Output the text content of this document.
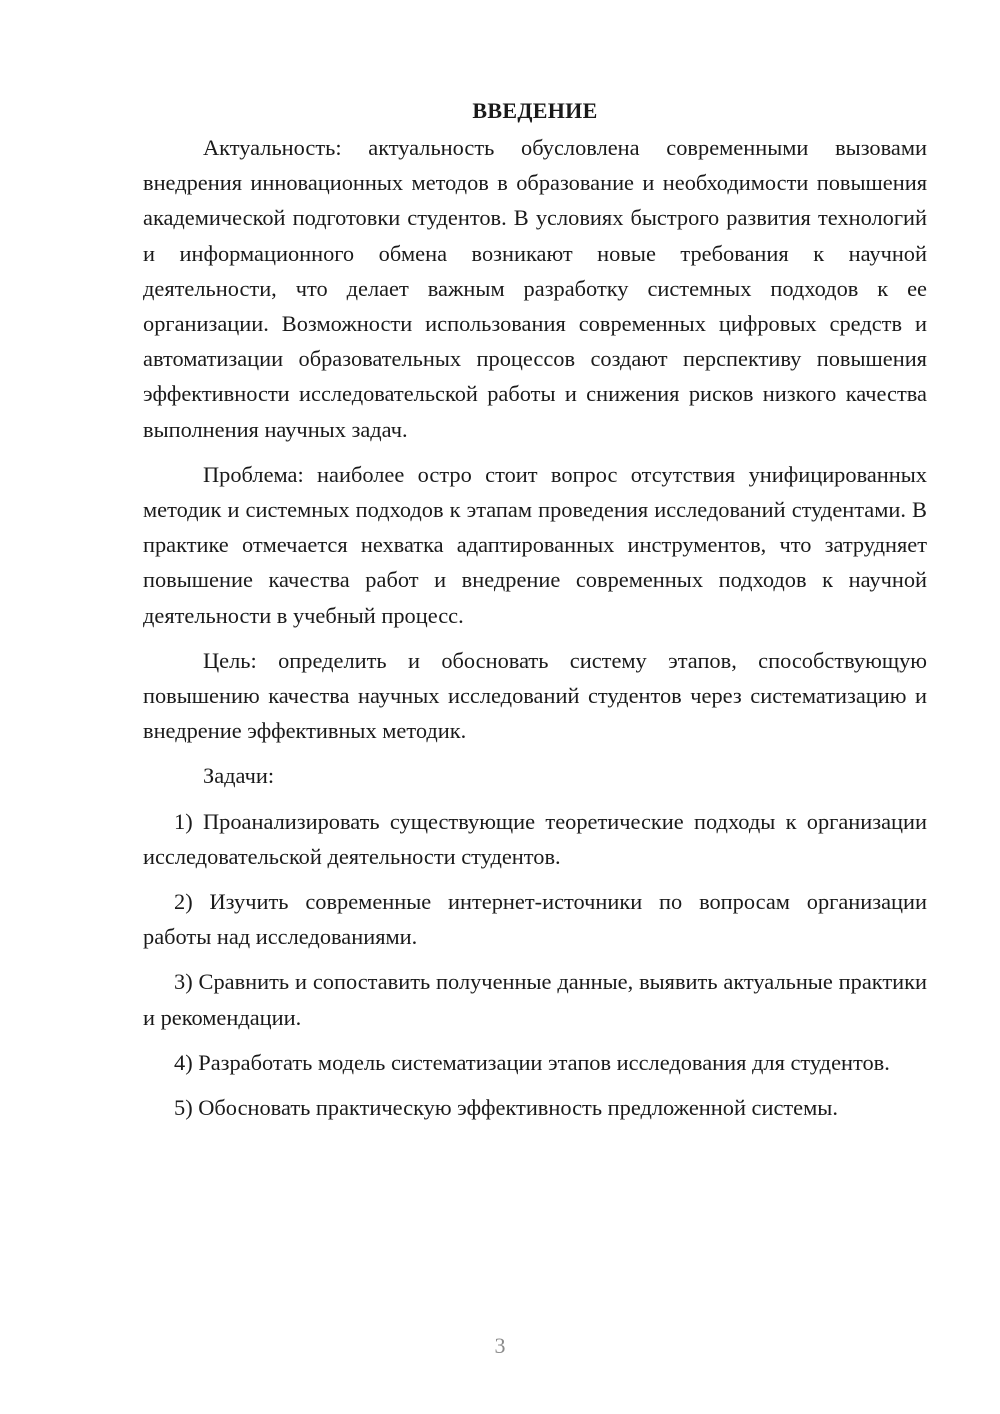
ВВЕДЕНИЕ

Актуальность: актуальность обусловлена современными вызовами внедрения инновационных методов в образование и необходимости повышения академической подготовки студентов. В условиях быстрого развития технологий и информационного обмена возникают новые требования к научной деятельности, что делает важным разработку системных подходов к ее организации. Возможности использования современных цифровых средств и автоматизации образовательных процессов создают перспективу повышения эффективности исследовательской работы и снижения рисков низкого качества выполнения научных задач.

Проблема: наиболее остро стоит вопрос отсутствия унифицированных методик и системных подходов к этапам проведения исследований студентами. В практике отмечается нехватка адаптированных инструментов, что затрудняет повышение качества работ и внедрение современных подходов к научной деятельности в учебный процесс.

Цель: определить и обосновать систему этапов, способствующую повышению качества научных исследований студентов через систематизацию и внедрение эффективных методик.

Задачи:

1) Проанализировать существующие теоретические подходы к организации исследовательской деятельности студентов.

2) Изучить современные интернет-источники по вопросам организации работы над исследованиями.

3) Сравнить и сопоставить полученные данные, выявить актуальные практики и рекомендации.

4) Разработать модель систематизации этапов исследования для студентов.

5) Обосновать практическую эффективность предложенной системы.

3
